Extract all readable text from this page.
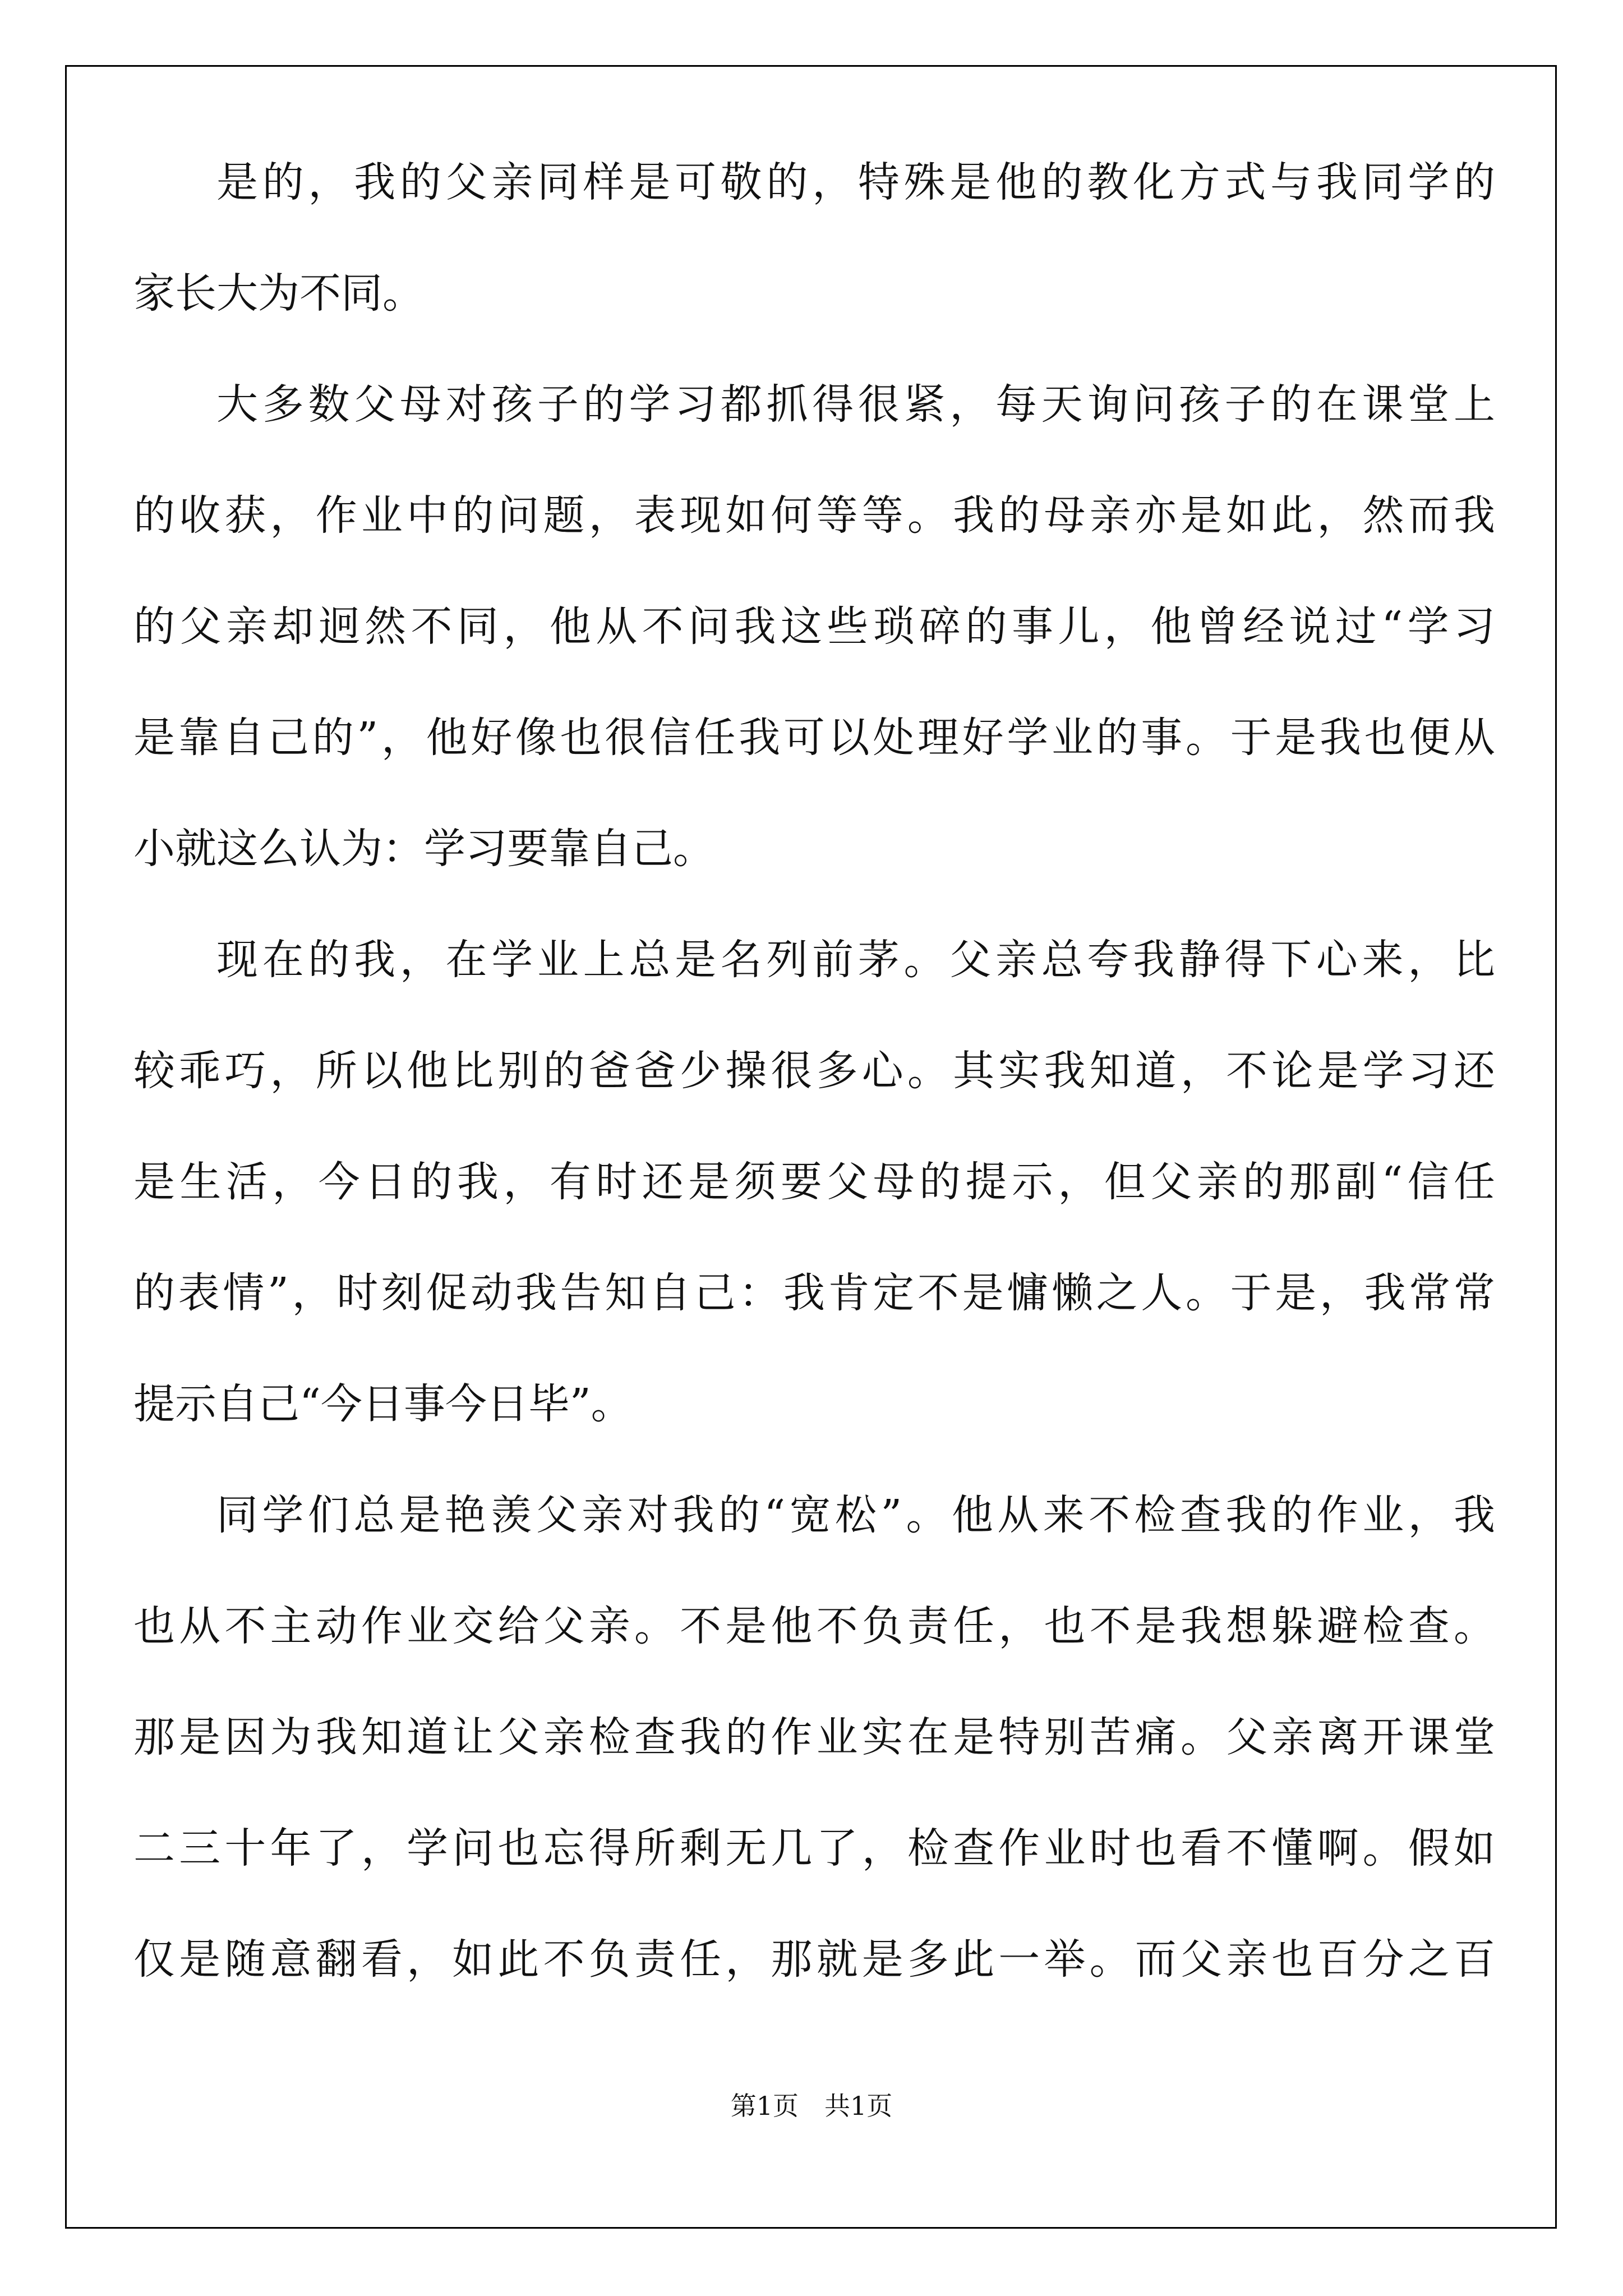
是的，我的父亲同样是可敬的，特殊是他的教化方式与我同学的
家长大为不同。
大多数父母对孩子的学习都抓得很紧，每天询问孩子的在课堂上
的收获，作业中的问题，表现如何等等。我的母亲亦是如此，然而我
的父亲却迥然不同，他从不问我这些琐碎的事儿，他曾经说过“学习
是靠自己的”，他好像也很信任我可以处理好学业的事。于是我也便从
小就这么认为：学习要靠自己。
现在的我，在学业上总是名列前茅。父亲总夸我静得下心来，比
较乖巧，所以他比别的爸爸少操很多心。其实我知道，不论是学习还
是生活，今日的我，有时还是须要父母的提示，但父亲的那副“信任
的表情”，时刻促动我告知自己：我肯定不是慵懒之人。于是，我常常
提示自己“今日事今日毕”。
同学们总是艳羡父亲对我的“宽松”。他从来不检查我的作业，我
也从不主动作业交给父亲。不是他不负责任，也不是我想躲避检查。
那是因为我知道让父亲检查我的作业实在是特别苦痛。父亲离开课堂
二三十年了，学问也忘得所剩无几了，检查作业时也看不懂啊。假如
仅是随意翻看，如此不负责任，那就是多此一举。而父亲也百分之百
第1页　共1页
